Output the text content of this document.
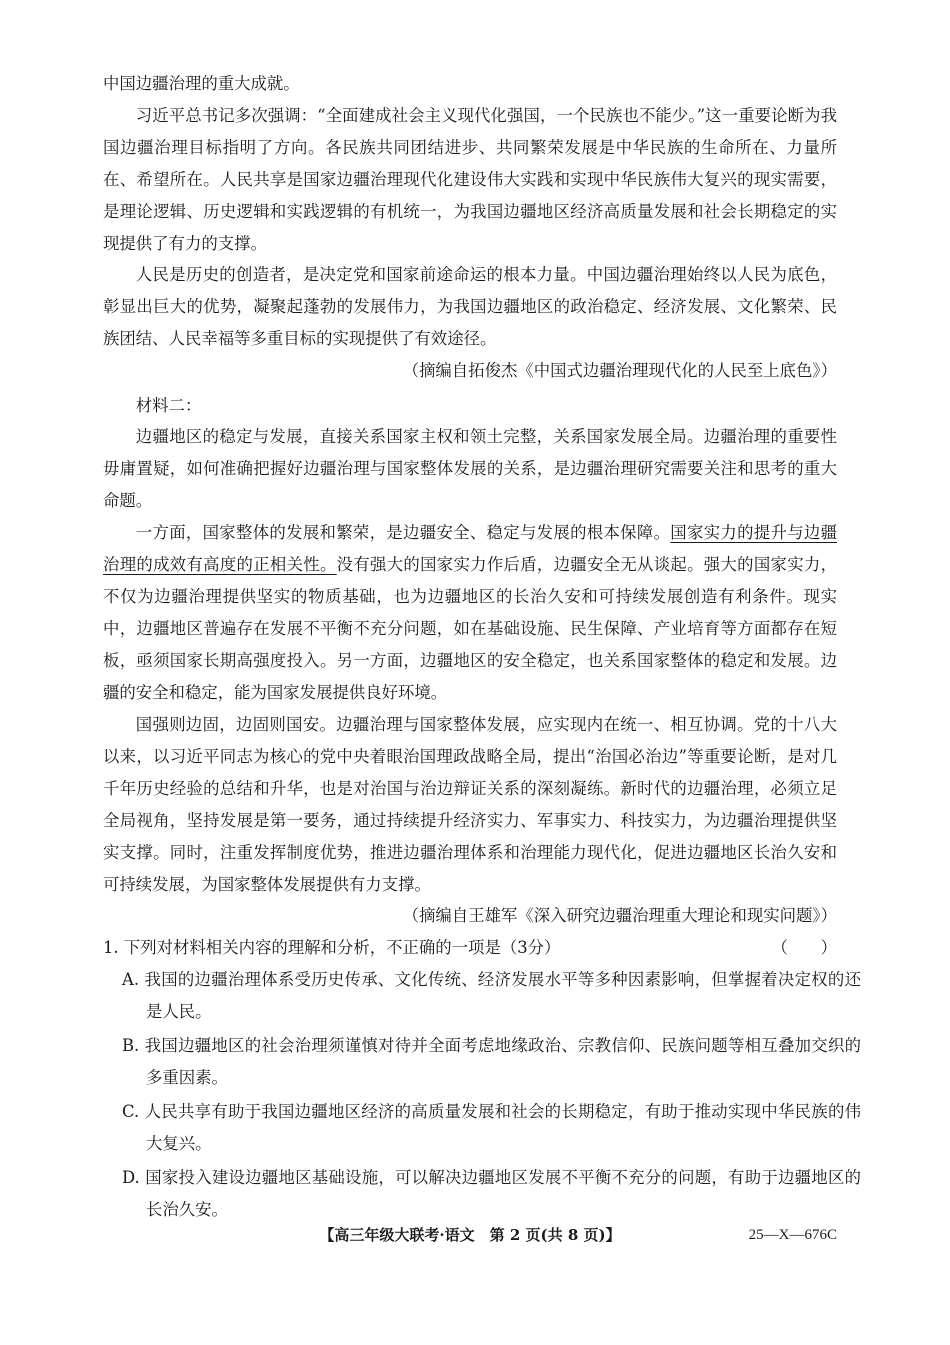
中国边疆治理的重大成就。

习近平总书记多次强调：“全面建成社会主义现代化强国，一个民族也不能少。”这一重要论断为我国边疆治理目标指明了方向。各民族共同团结进步、共同繁荣发展是中华民族的生命所在、力量所在、希望所在。人民共享是国家边疆治理现代化建设伟大实践和实现中华民族伟大复兴的现实需要，是理论逻辑、历史逻辑和实践逻辑的有机统一，为我国边疆地区经济高质量发展和社会长期稳定的实现提供了有力的支撑。

人民是历史的创造者，是决定党和国家前途命运的根本力量。中国边疆治理始终以人民为底色，彰显出巨大的优势，凝聚起蓬勃的发展伟力，为我国边疆地区的政治稳定、经济发展、文化繁荣、民族团结、人民幸福等多重目标的实现提供了有效途径。

（摘编自拓俊杰《中国式边疆治理现代化的人民至上底色》）

材料二：

边疆地区的稳定与发展，直接关系国家主权和领土完整，关系国家发展全局。边疆治理的重要性毋庸置疑，如何准确把握好边疆治理与国家整体发展的关系，是边疆治理研究需要关注和思考的重大命题。

一方面，国家整体的发展和繁荣，是边疆安全、稳定与发展的根本保障。国家实力的提升与边疆治理的成效有高度的正相关性。没有强大的国家实力作后盾，边疆安全无从谈起。强大的国家实力，不仅为边疆治理提供坚实的物质基础，也为边疆地区的长治久安和可持续发展创造有利条件。现实中，边疆地区普遍存在发展不平衡不充分问题，如在基础设施、民生保障、产业培育等方面都存在短板，亟须国家长期高强度投入。另一方面，边疆地区的安全稳定，也关系国家整体的稳定和发展。边疆的安全和稳定，能为国家发展提供良好环境。

国强则边固，边固则国安。边疆治理与国家整体发展，应实现内在统一、相互协调。党的十八大以来，以习近平同志为核心的党中央着眼治国理政战略全局，提出“治国必治边”等重要论断，是对几千年历史经验的总结和升华，也是对治国与治边辩证关系的深刻凝练。新时代的边疆治理，必须立足全局视角，坚持发展是第一要务，通过持续提升经济实力、军事实力、科技实力，为边疆治理提供坚实支撑。同时，注重发挥制度优势，推进边疆治理体系和治理能力现代化，促进边疆地区长治久安和可持续发展，为国家整体发展提供有力支撑。

（摘编自王雄军《深入研究边疆治理重大理论和现实问题》）

1. 下列对材料相关内容的理解和分析，不正确的一项是（3分）	（　　）

A. 我国的边疆治理体系受历史传承、文化传统、经济发展水平等多种因素影响，但掌握着决定权的还是人民。

B. 我国边疆地区的社会治理须谨慎对待并全面考虑地缘政治、宗教信仰、民族问题等相互叠加交织的多重因素。

C. 人民共享有助于我国边疆地区经济的高质量发展和社会的长期稳定，有助于推动实现中华民族的伟大复兴。

D. 国家投入建设边疆地区基础设施，可以解决边疆地区发展不平衡不充分的问题，有助于边疆地区的长治久安。

【高三年级大联考·语文　第 2 页(共 8 页)】	25—X—676C
